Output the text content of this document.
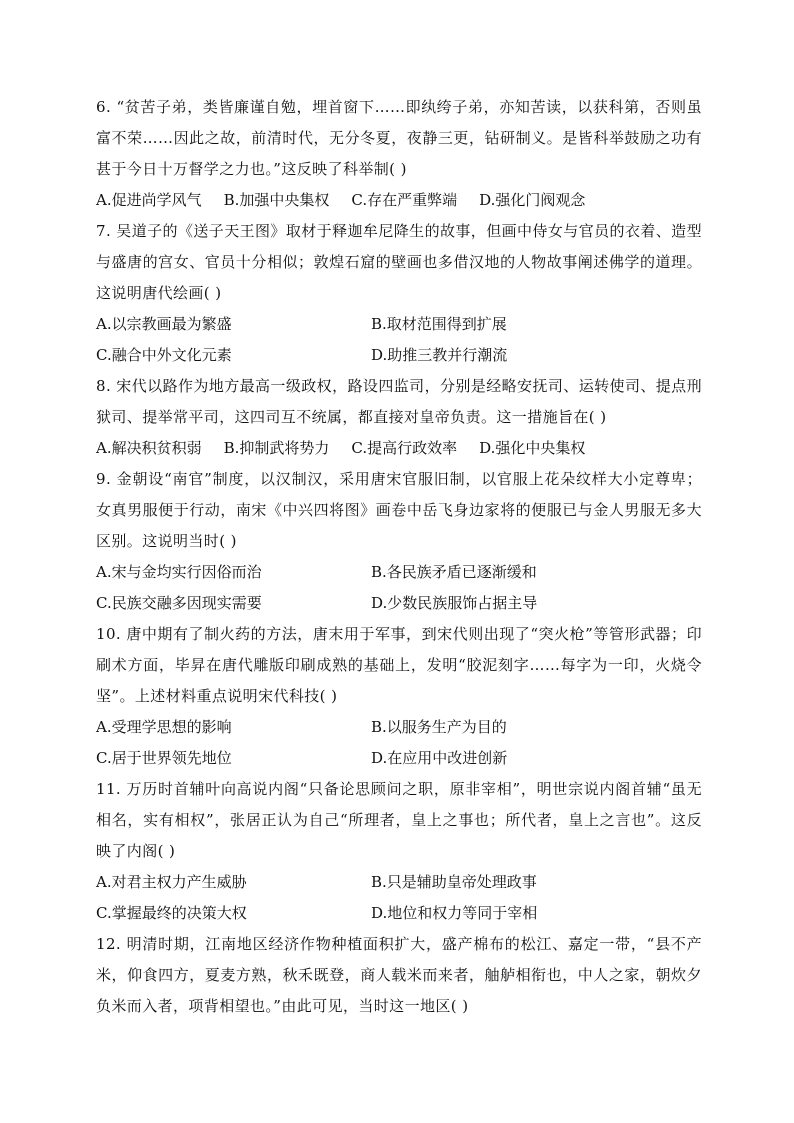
6. “贫苦子弟，类皆廉谨自勉，埋首窗下……即纨绔子弟，亦知苦读，以获科第，否则虽富不荣……因此之故，前清时代，无分冬夏，夜静三更，钻研制义。是皆科举鼓励之功有甚于今日十万督学之力也。”这反映了科举制( )

A.促进尚学风气 B.加强中央集权 C.存在严重弊端 D.强化门阀观念

7. 吴道子的《送子天王图》取材于释迦牟尼降生的故事，但画中侍女与官员的衣着、造型与盛唐的宫女、官员十分相似；敦煌石窟的壁画也多借汉地的人物故事阐述佛学的道理。这说明唐代绘画( )

A.以宗教画最为繁盛	B.取材范围得到扩展
C.融合中外文化元素	D.助推三教并行潮流

8. 宋代以路作为地方最高一级政权，路设四监司，分别是经略安抚司、运转使司、提点刑狱司、提举常平司，这四司互不统属，都直接对皇帝负责。这一措施旨在( )

A.解决积贫积弱 B.抑制武将势力 C.提高行政效率 D.强化中央集权

9. 金朝设“南官”制度，以汉制汉，采用唐宋官服旧制，以官服上花朵纹样大小定尊卑；女真男服便于行动，南宋《中兴四将图》画卷中岳飞身边家将的便服已与金人男服无多大区别。这说明当时( )

A.宋与金均实行因俗而治	B.各民族矛盾已逐渐缓和
C.民族交融多因现实需要	D.少数民族服饰占据主导

10. 唐中期有了制火药的方法，唐末用于军事，到宋代则出现了“突火枪”等管形武器；印刷术方面，毕昇在唐代雕版印刷成熟的基础上，发明“胶泥刻字……每字为一印，火烧令坚”。上述材料重点说明宋代科技( )

A.受理学思想的影响	B.以服务生产为目的
C.居于世界领先地位	D.在应用中改进创新

11. 万历时首辅叶向高说内阁“只备论思顾问之职，原非宰相”，明世宗说内阁首辅“虽无相名，实有相权”，张居正认为自己“所理者，皇上之事也；所代者，皇上之言也”。这反映了内阁( )

A.对君主权力产生威胁	B.只是辅助皇帝处理政事
C.掌握最终的决策大权	D.地位和权力等同于宰相

12. 明清时期，江南地区经济作物种植面积扩大，盛产棉布的松江、嘉定一带，“县不产米，仰食四方，夏麦方熟，秋禾既登，商人载米而来者，舳舻相衔也，中人之家，朝炊夕负米而入者，项背相望也。”由此可见，当时这一地区( )
